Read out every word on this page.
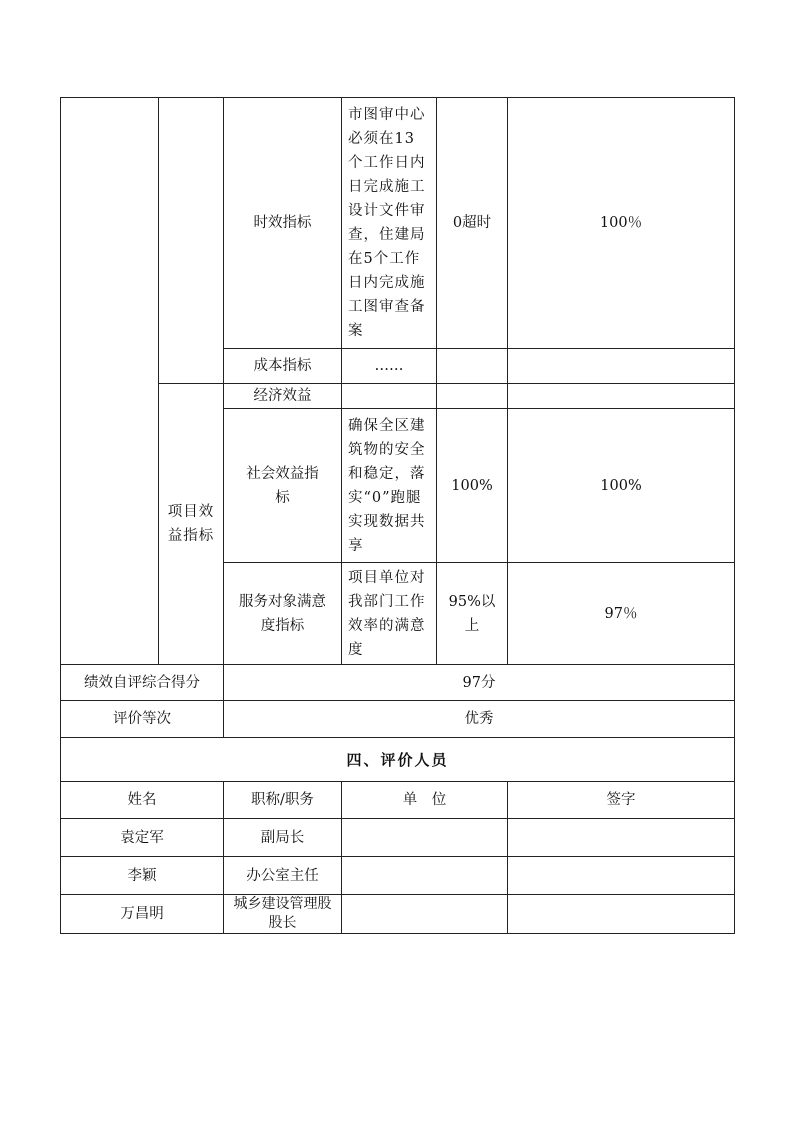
		时效指标	市图审中心必须在13个工作日内日完成施工设计文件审查，住建局在5个工作日内完成施工图审查备案	0超时	100％
		成本指标	……		
	项目效益指标	经济效益			
		社会效益指标	确保全区建筑物的安全和稳定，落实“0”跑腿实现数据共享	100%	100%
		服务对象满意度指标	项目单位对我部门工作效率的满意度	95%以上	97％
绩效自评综合得分		97分			
评价等次		优秀			
四、评价人员					
姓名		职称/职务	单　位		签字
袁定军		副局长			
李颖		办公室主任			
万昌明		城乡建设管理股股长			
